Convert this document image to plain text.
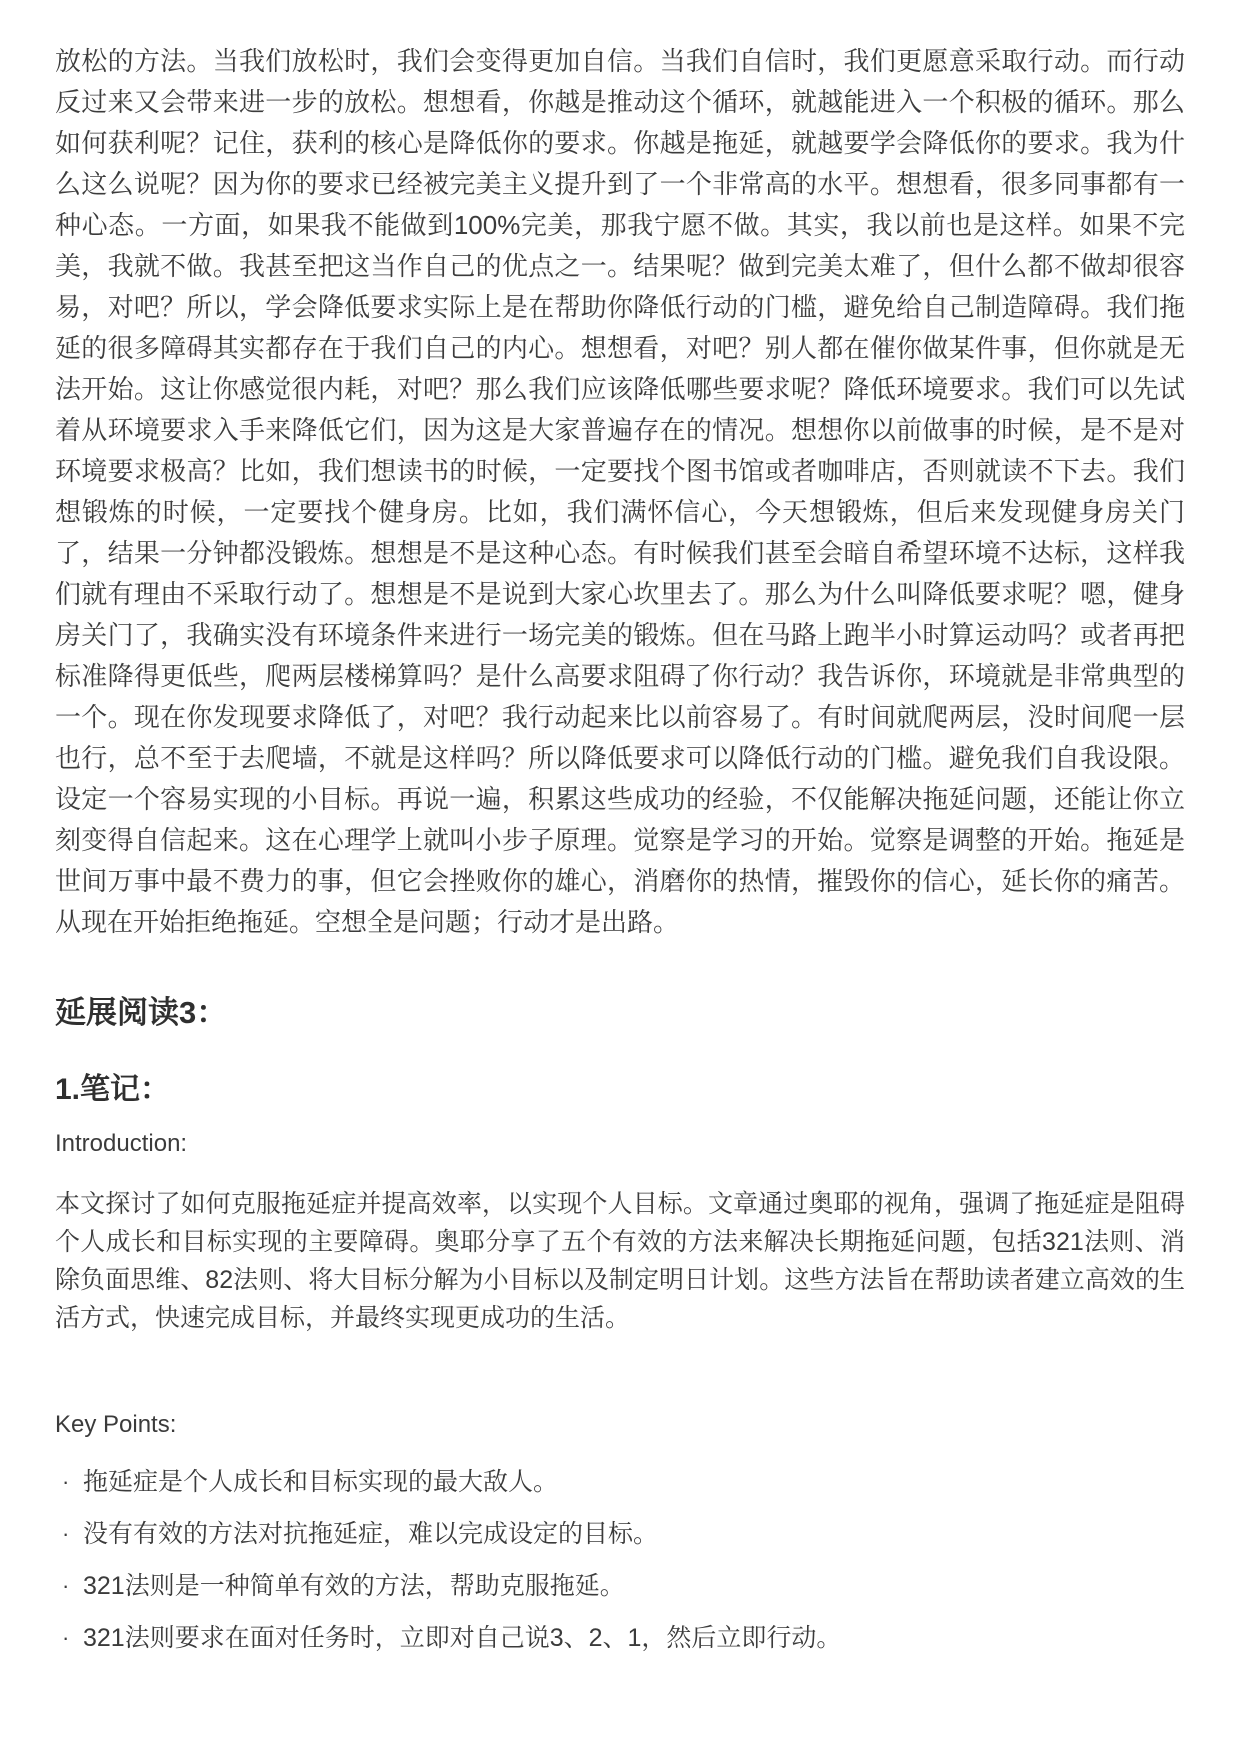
放松的方法。当我们放松时，我们会变得更加自信。当我们自信时，我们更愿意采取行动。而行动反过来又会带来进一步的放松。想想看，你越是推动这个循环，就越能进入一个积极的循环。那么如何获利呢？记住，获利的核心是降低你的要求。你越是拖延，就越要学会降低你的要求。我为什么这么说呢？因为你的要求已经被完美主义提升到了一个非常高的水平。想想看，很多同事都有一种心态。一方面，如果我不能做到100%完美，那我宁愿不做。其实，我以前也是这样。如果不完美，我就不做。我甚至把这当作自己的优点之一。结果呢？做到完美太难了，但什么都不做却很容易，对吧？所以，学会降低要求实际上是在帮助你降低行动的门槛，避免给自己制造障碍。我们拖延的很多障碍其实都存在于我们自己的内心。想想看，对吧？别人都在催你做某件事，但你就是无法开始。这让你感觉很内耗，对吧？那么我们应该降低哪些要求呢？降低环境要求。我们可以先试着从环境要求入手来降低它们，因为这是大家普遍存在的情况。想想你以前做事的时候，是不是对环境要求极高？比如，我们想读书的时候，一定要找个图书馆或者咖啡店，否则就读不下去。我们想锻炼的时候，一定要找个健身房。比如，我们满怀信心，今天想锻炼，但后来发现健身房关门了，结果一分钟都没锻炼。想想是不是这种心态。有时候我们甚至会暗自希望环境不达标，这样我们就有理由不采取行动了。想想是不是说到大家心坎里去了。那么为什么叫降低要求呢？嗯，健身房关门了，我确实没有环境条件来进行一场完美的锻炼。但在马路上跑半小时算运动吗？或者再把标准降得更低些，爬两层楼梯算吗？是什么高要求阻碍了你行动？我告诉你，环境就是非常典型的一个。现在你发现要求降低了，对吧？我行动起来比以前容易了。有时间就爬两层，没时间爬一层也行，总不至于去爬墙，不就是这样吗？所以降低要求可以降低行动的门槛。避免我们自我设限。设定一个容易实现的小目标。再说一遍，积累这些成功的经验，不仅能解决拖延问题，还能让你立刻变得自信起来。这在心理学上就叫小步子原理。觉察是学习的开始。觉察是调整的开始。拖延是世间万事中最不费力的事，但它会挫败你的雄心，消磨你的热情，摧毁你的信心，延长你的痛苦。从现在开始拒绝拖延。空想全是问题；行动才是出路。

延展阅读3：
1.笔记：

Introduction:

本文探讨了如何克服拖延症并提高效率，以实现个人目标。文章通过奥耶的视角，强调了拖延症是阻碍个人成长和目标实现的主要障碍。奥耶分享了五个有效的方法来解决长期拖延问题，包括321法则、消除负面思维、82法则、将大目标分解为小目标以及制定明日计划。这些方法旨在帮助读者建立高效的生活方式，快速完成目标，并最终实现更成功的生活。

Key Points:

· 拖延症是个人成长和目标实现的最大敌人。
· 没有有效的方法对抗拖延症，难以完成设定的目标。
· 321法则是一种简单有效的方法，帮助克服拖延。
· 321法则要求在面对任务时，立即对自己说3、2、1，然后立即行动。
